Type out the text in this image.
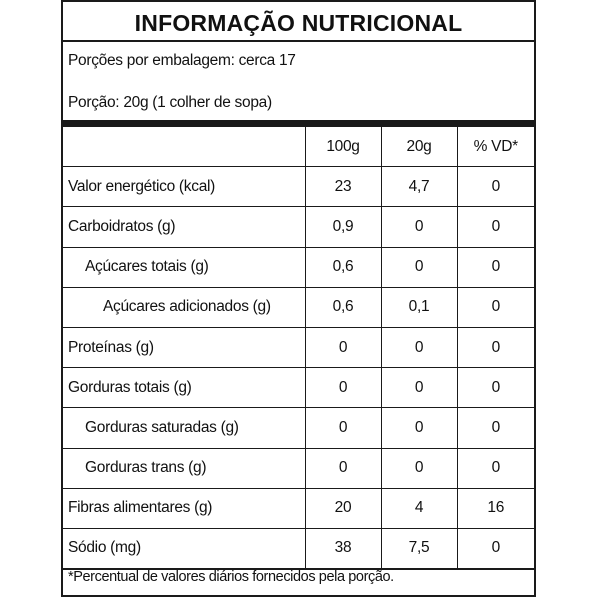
INFORMAÇÃO NUTRICIONAL
Porções por embalagem: cerca 17
Porção: 20g (1 colher de sopa)
	100g	20g	% VD*
Valor energético (kcal)	23	4,7	0
Carboidratos (g)	0,9	0	0
Açúcares totais (g)	0,6	0	0
Açúcares adicionados (g)	0,6	0,1	0
Proteínas (g)	0	0	0
Gorduras totais (g)	0	0	0
Gorduras saturadas (g)	0	0	0
Gorduras trans (g)	0	0	0
Fibras alimentares (g)	20	4	16
Sódio (mg)	38	7,5	0
*Percentual de valores diários fornecidos pela porção.
